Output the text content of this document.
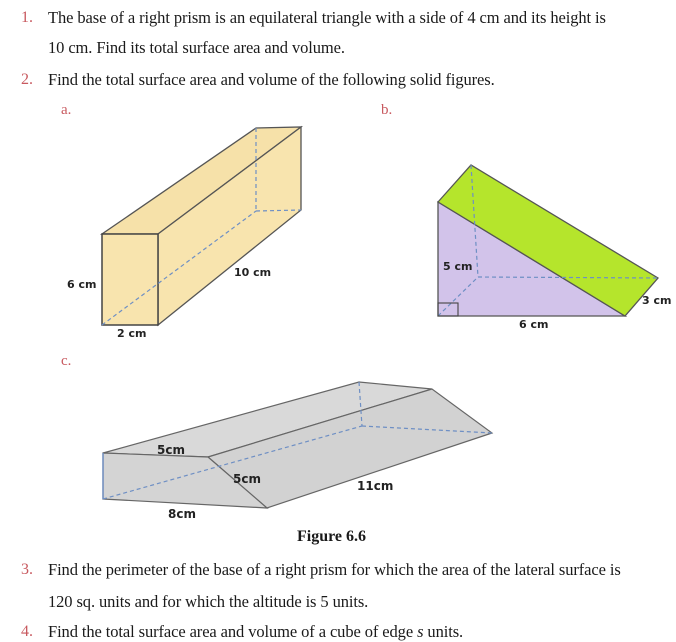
1. The base of a right prism is an equilateral triangle with a side of 4 cm and its height is
10 cm. Find its total surface area and volume.
2. Find the total surface area and volume of the following solid figures.
a.	b.
c.
6 cm
10 cm
2 cm
5 cm
3 cm
6 cm
5cm
5cm
8cm
11cm
Figure 6.6
3. Find the perimeter of the base of a right prism for which the area of the lateral surface is
120 sq. units and for which the altitude is 5 units.
4. Find the total surface area and volume of a cube of edge s units.
